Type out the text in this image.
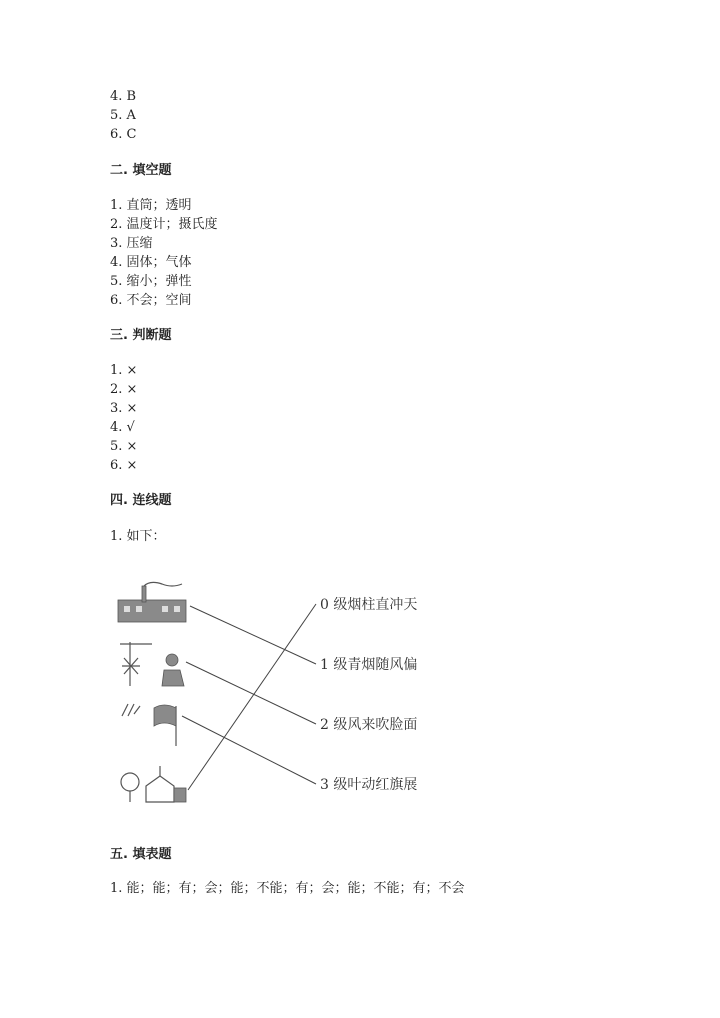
4. B
5. A
6. C
二. 填空题
1. 直筒；透明
2. 温度计；摄氏度
3. 压缩
4. 固体；气体
5. 缩小；弹性
6. 不会；空间
三. 判断题
1. ×
2. ×
3. ×
4. √
5. ×
6. ×
四. 连线题
1. 如下：
0 级烟柱直冲天
1 级青烟随风偏
2 级风来吹脸面
3 级叶动红旗展
五. 填表题
1. 能；能；有；会；能；不能；有；会；能；不能；有；不会
